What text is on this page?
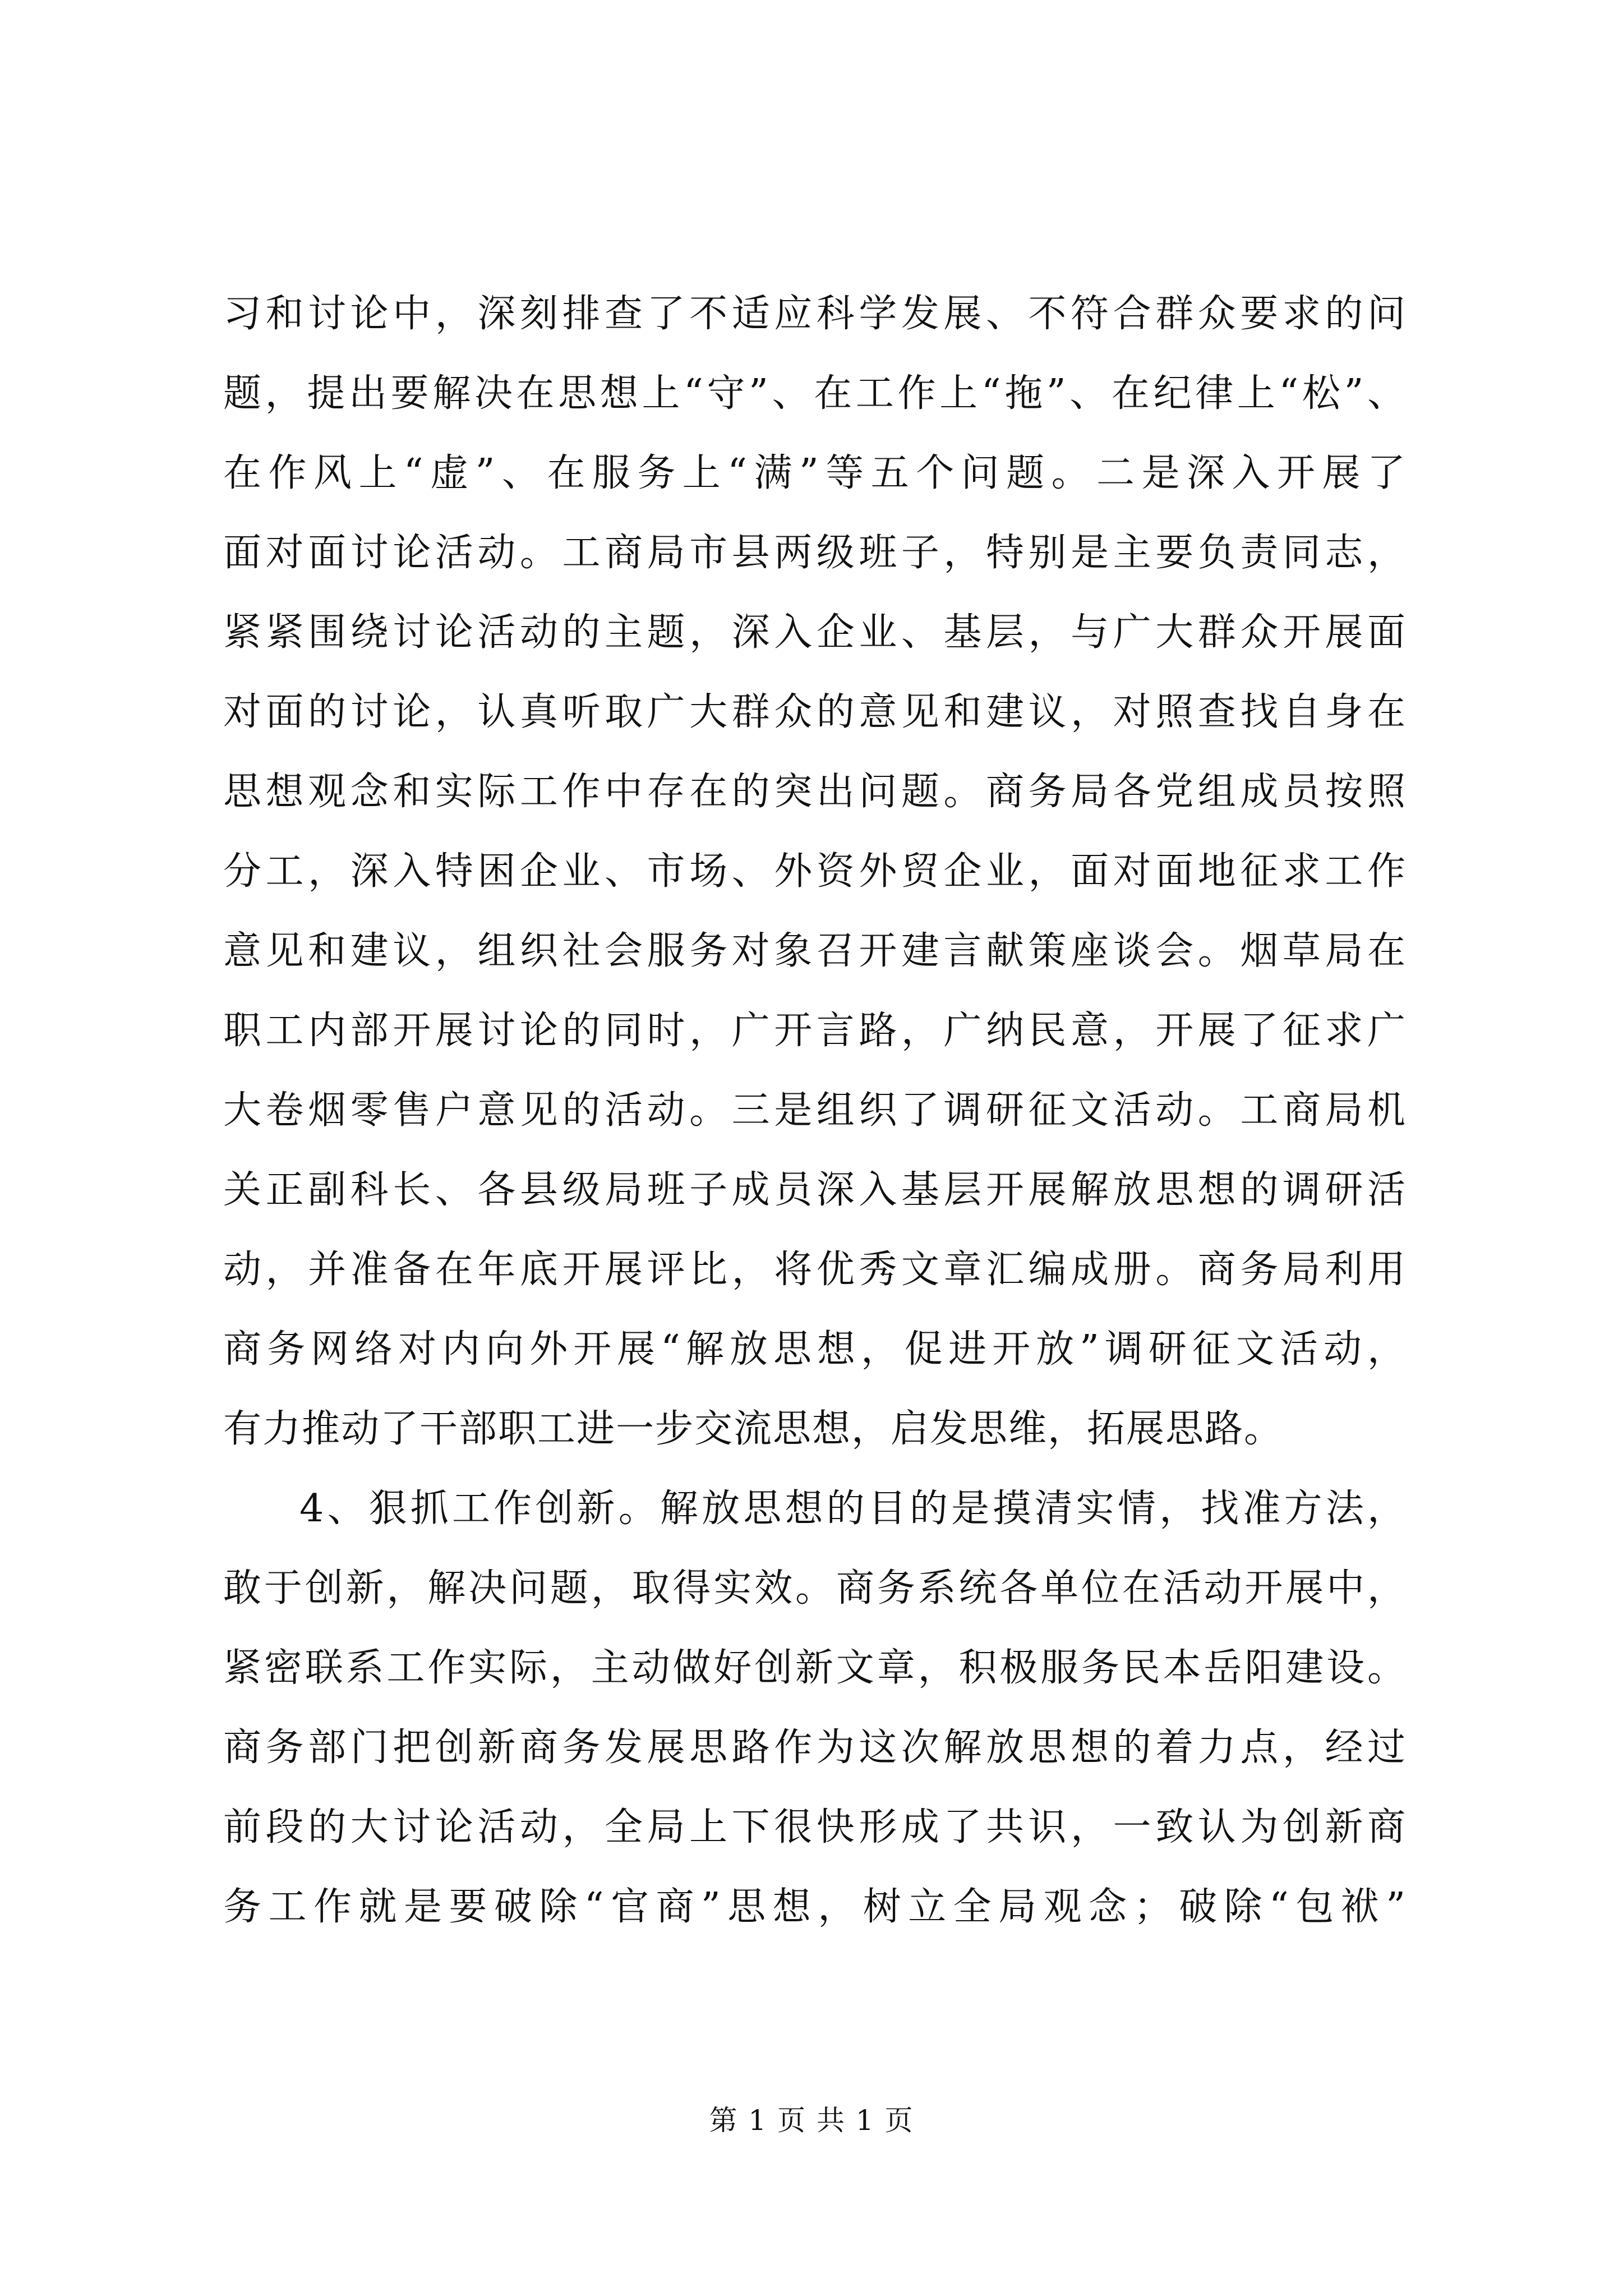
习和讨论中，深刻排查了不适应科学发展、不符合群众要求的问
题，提出要解决在思想上“守”、在工作上“拖”、在纪律上“松”、
在作风上“虚”、在服务上“满”等五个问题。二是深入开展了
面对面讨论活动。工商局市县两级班子，特别是主要负责同志，
紧紧围绕讨论活动的主题，深入企业、基层，与广大群众开展面
对面的讨论，认真听取广大群众的意见和建议，对照查找自身在
思想观念和实际工作中存在的突出问题。商务局各党组成员按照
分工，深入特困企业、市场、外资外贸企业，面对面地征求工作
意见和建议，组织社会服务对象召开建言献策座谈会。烟草局在
职工内部开展讨论的同时，广开言路，广纳民意，开展了征求广
大卷烟零售户意见的活动。三是组织了调研征文活动。工商局机
关正副科长、各县级局班子成员深入基层开展解放思想的调研活
动，并准备在年底开展评比，将优秀文章汇编成册。商务局利用
商务网络对内向外开展“解放思想，促进开放”调研征文活动，
有力推动了干部职工进一步交流思想，启发思维，拓展思路。
4、狠抓工作创新。解放思想的目的是摸清实情，找准方法，
敢于创新，解决问题，取得实效。商务系统各单位在活动开展中，
紧密联系工作实际，主动做好创新文章，积极服务民本岳阳建设。
商务部门把创新商务发展思路作为这次解放思想的着力点，经过
前段的大讨论活动，全局上下很快形成了共识，一致认为创新商
务工作就是要破除“官商”思想，树立全局观念；破除“包袱”
第 1 页 共 1 页
